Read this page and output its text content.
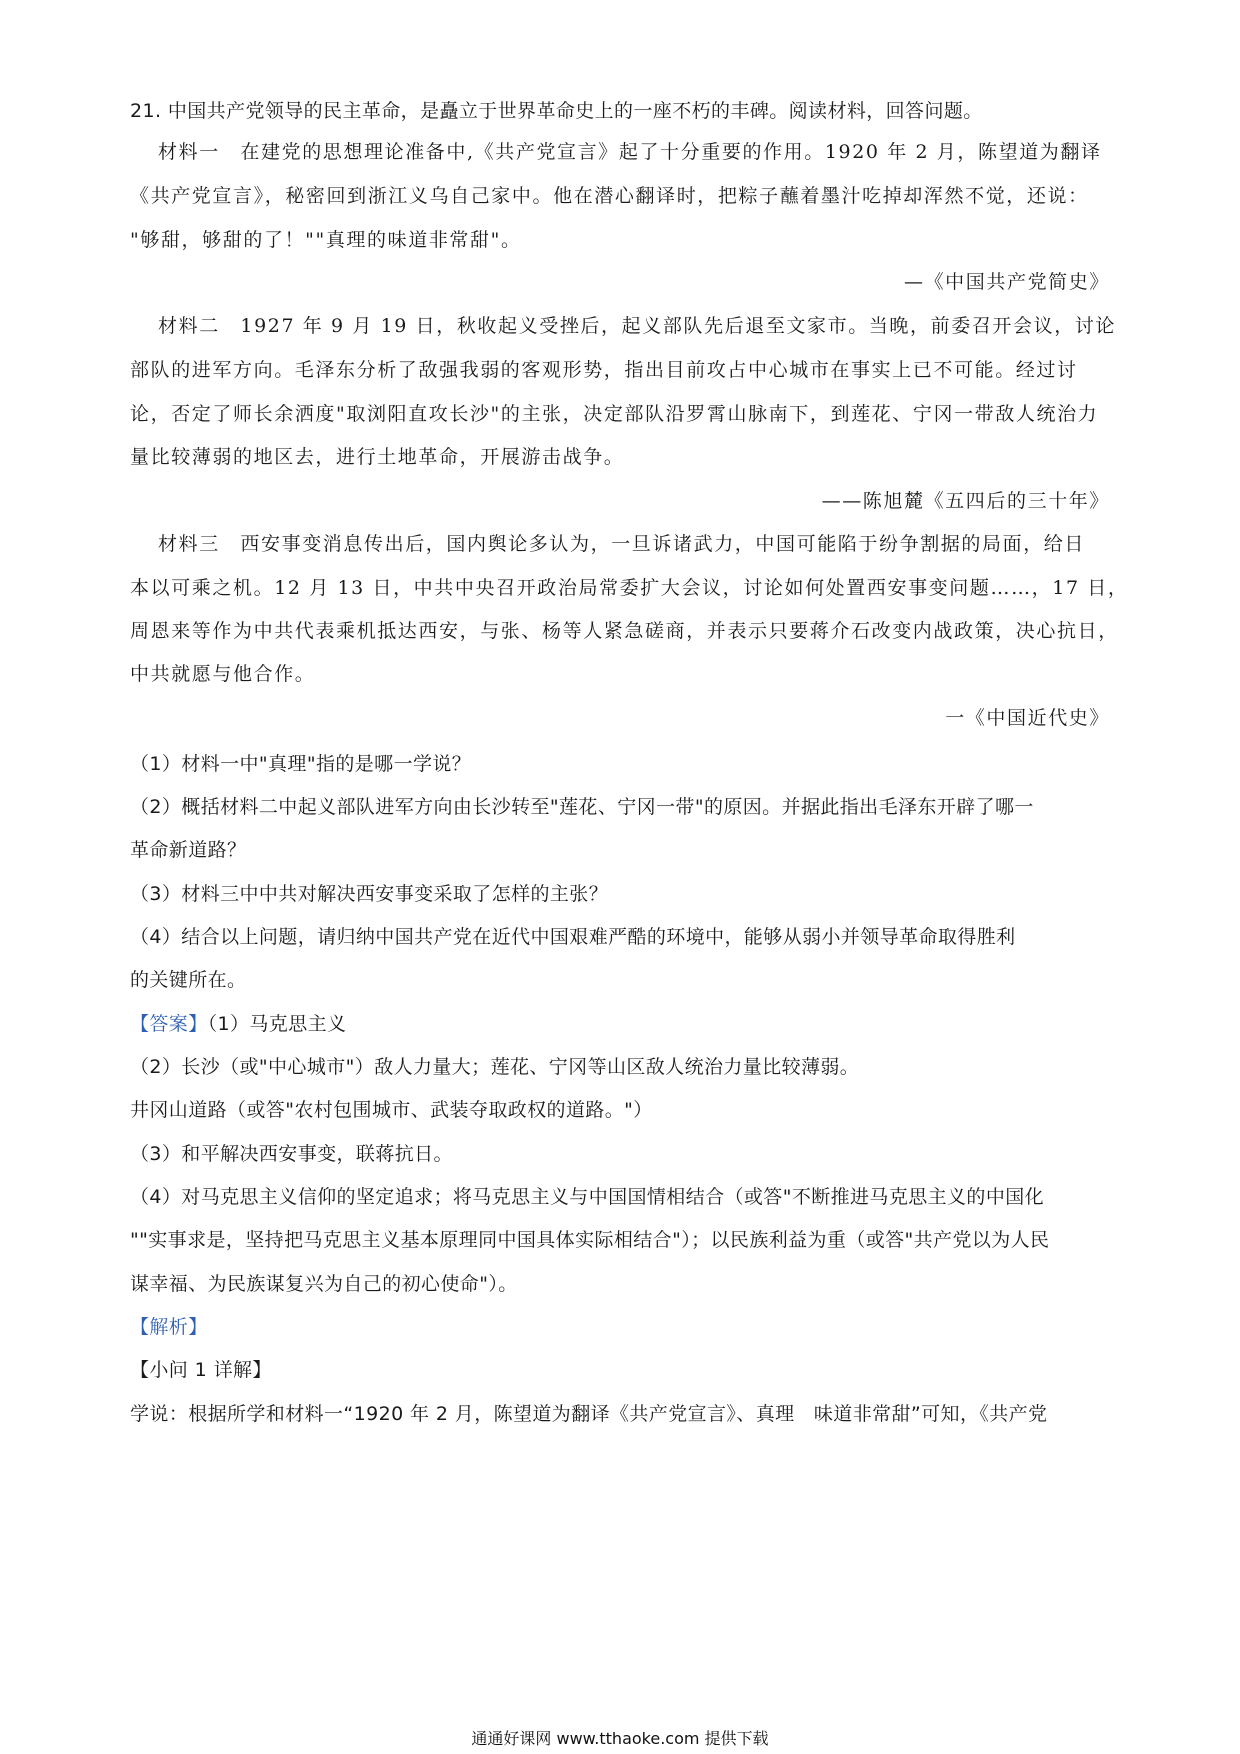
21. 中国共产党领导的民主革命，是矗立于世界革命史上的一座不朽的丰碑。阅读材料，回答问题。
材料一　在建党的思想理论准备中,《共产党宣言》起了十分重要的作用。1920 年 2 月，陈望道为翻译
《共产党宣言》，秘密回到浙江义乌自己家中。他在潜心翻译时，把粽子蘸着墨汁吃掉却浑然不觉，还说：
"够甜，够甜的了！""真理的味道非常甜"。
—《中国共产党简史》
材料二　1927 年 9 月 19 日，秋收起义受挫后，起义部队先后退至文家市。当晚，前委召开会议，讨论
部队的进军方向。毛泽东分析了敌强我弱的客观形势，指出目前攻占中心城市在事实上已不可能。经过讨
论，否定了师长余洒度"取浏阳直攻长沙"的主张，决定部队沿罗霄山脉南下，到莲花、宁冈一带敌人统治力
量比较薄弱的地区去，进行土地革命，开展游击战争。
——陈旭麓《五四后的三十年》
材料三　西安事变消息传出后，国内舆论多认为，一旦诉诸武力，中国可能陷于纷争割据的局面，给日
本以可乘之机。12 月 13 日，中共中央召开政治局常委扩大会议，讨论如何处置西安事变问题……，17 日，
周恩来等作为中共代表乘机抵达西安，与张、杨等人紧急磋商，并表示只要蒋介石改变内战政策，决心抗日，
中共就愿与他合作。
一《中国近代史》
（1）材料一中"真理"指的是哪一学说？
（2）概括材料二中起义部队进军方向由长沙转至"莲花、宁冈一带"的原因。并据此指出毛泽东开辟了哪一
革命新道路？
（3）材料三中中共对解决西安事变采取了怎样的主张？
（4）结合以上问题，请归纳中国共产党在近代中国艰难严酷的环境中，能够从弱小并领导革命取得胜利
的关键所在。
【答案】（1）马克思主义
（2）长沙（或"中心城市"）敌人力量大；莲花、宁冈等山区敌人统治力量比较薄弱。
井冈山道路（或答"农村包围城市、武装夺取政权的道路。"）
（3）和平解决西安事变，联蒋抗日。
（4）对马克思主义信仰的坚定追求；将马克思主义与中国国情相结合（或答"不断推进马克思主义的中国化
""实事求是，坚持把马克思主义基本原理同中国具体实际相结合"）；以民族利益为重（或答"共产党以为人民
谋幸福、为民族谋复兴为自己的初心使命"）。
【解析】
【小问 1 详解】
学说：根据所学和材料一“1920 年 2 月，陈望道为翻译《共产党宣言》、真理　味道非常甜”可知，《共产党
通通好课网 www.tthaoke.com 提供下载
